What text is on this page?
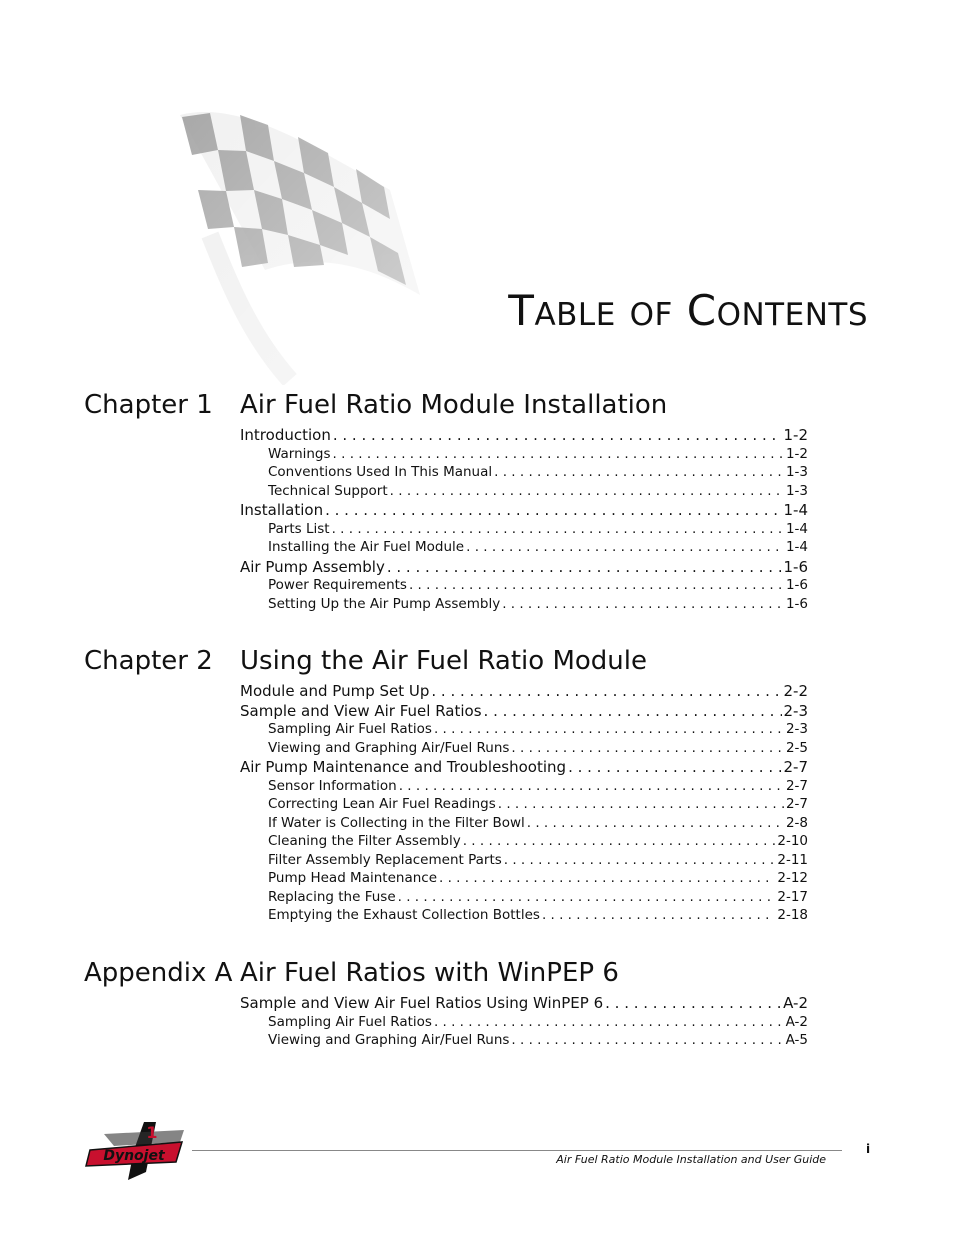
TABLE OF CONTENTS
Chapter 1 Air Fuel Ratio Module Installation
Introduction . . .	1-2
Warnings . . .	1-2
Conventions Used In This Manual . . .	1-3
Technical Support . . .	1-3
Installation . . .	1-4
Parts List . . .	1-4
Installing the Air Fuel Module . . .	1-4
Air Pump Assembly . . .	1-6
Power Requirements . . .	1-6
Setting Up the Air Pump Assembly . . .	1-6
Chapter 2 Using the Air Fuel Ratio Module
Module and Pump Set Up . . .	2-2
Sample and View Air Fuel Ratios . . .	2-3
Sampling Air Fuel Ratios . . .	2-3
Viewing and Graphing Air/Fuel Runs . . .	2-5
Air Pump Maintenance and Troubleshooting . . .	2-7
Sensor Information . . .	2-7
Correcting Lean Air Fuel Readings . . .	2-7
If Water is Collecting in the Filter Bowl . . .	2-8
Cleaning the Filter Assembly . . .	2-10
Filter Assembly Replacement Parts . . .	2-11
Pump Head Maintenance . . .	2-12
Replacing the Fuse . . .	2-17
Emptying the Exhaust Collection Bottles . . .	2-18
Appendix A Air Fuel Ratios with WinPEP 6
Sample and View Air Fuel Ratios Using WinPEP 6 . . .	A-2
Sampling Air Fuel Ratios . . .	A-2
Viewing and Graphing Air/Fuel Runs . . .	A-5
Dynojet
1
Air Fuel Ratio Module Installation and User Guide
i
